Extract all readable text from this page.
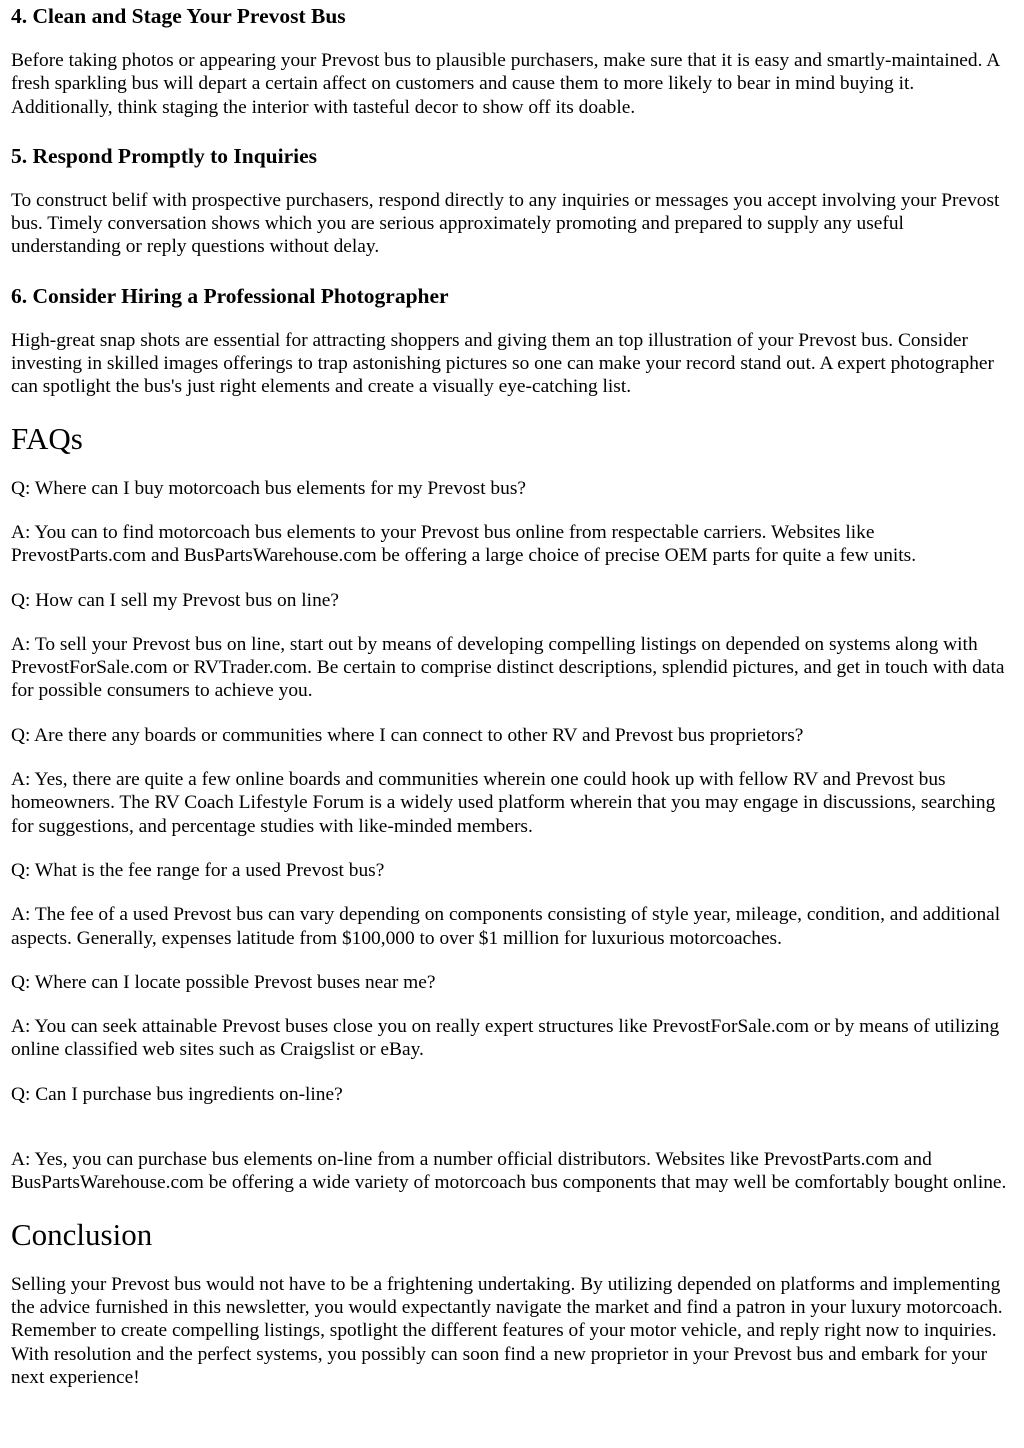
4. Clean and Stage Your Prevost Bus

Before taking photos or appearing your Prevost bus to plausible purchasers, make sure that it is easy and smartly-maintained. A fresh sparkling bus will depart a certain affect on customers and cause them to more likely to bear in mind buying it. Additionally, think staging the interior with tasteful decor to show off its doable.

5. Respond Promptly to Inquiries

To construct belif with prospective purchasers, respond directly to any inquiries or messages you accept involving your Prevost bus. Timely conversation shows which you are serious approximately promoting and prepared to supply any useful understanding or reply questions without delay.

6. Consider Hiring a Professional Photographer

High-great snap shots are essential for attracting shoppers and giving them an top illustration of your Prevost bus. Consider investing in skilled images offerings to trap astonishing pictures so one can make your record stand out. A expert photographer can spotlight the bus's just right elements and create a visually eye-catching list.

FAQs

Q: Where can I buy motorcoach bus elements for my Prevost bus?

A: You can to find motorcoach bus elements to your Prevost bus online from respectable carriers. Websites like PrevostParts.com and BusPartsWarehouse.com be offering a large choice of precise OEM parts for quite a few units.

Q: How can I sell my Prevost bus on line?

A: To sell your Prevost bus on line, start out by means of developing compelling listings on depended on systems along with PrevostForSale.com or RVTrader.com. Be certain to comprise distinct descriptions, splendid pictures, and get in touch with data for possible consumers to achieve you.

Q: Are there any boards or communities where I can connect to other RV and Prevost bus proprietors?

A: Yes, there are quite a few online boards and communities wherein one could hook up with fellow RV and Prevost bus homeowners. The RV Coach Lifestyle Forum is a widely used platform wherein that you may engage in discussions, searching for suggestions, and percentage studies with like-minded members.

Q: What is the fee range for a used Prevost bus?

A: The fee of a used Prevost bus can vary depending on components consisting of style year, mileage, condition, and additional aspects. Generally, expenses latitude from $100,000 to over $1 million for luxurious motorcoaches.

Q: Where can I locate possible Prevost buses near me?

A: You can seek attainable Prevost buses close you on really expert structures like PrevostForSale.com or by means of utilizing online classified web sites such as Craigslist or eBay.

Q: Can I purchase bus ingredients on-line?

A: Yes, you can purchase bus elements on-line from a number official distributors. Websites like PrevostParts.com and BusPartsWarehouse.com be offering a wide variety of motorcoach bus components that may well be comfortably bought online.

Conclusion

Selling your Prevost bus would not have to be a frightening undertaking. By utilizing depended on platforms and implementing the advice furnished in this newsletter, you would expectantly navigate the market and find a patron in your luxury motorcoach. Remember to create compelling listings, spotlight the different features of your motor vehicle, and reply right now to inquiries. With resolution and the perfect systems, you possibly can soon find a new proprietor in your Prevost bus and embark for your next experience!
